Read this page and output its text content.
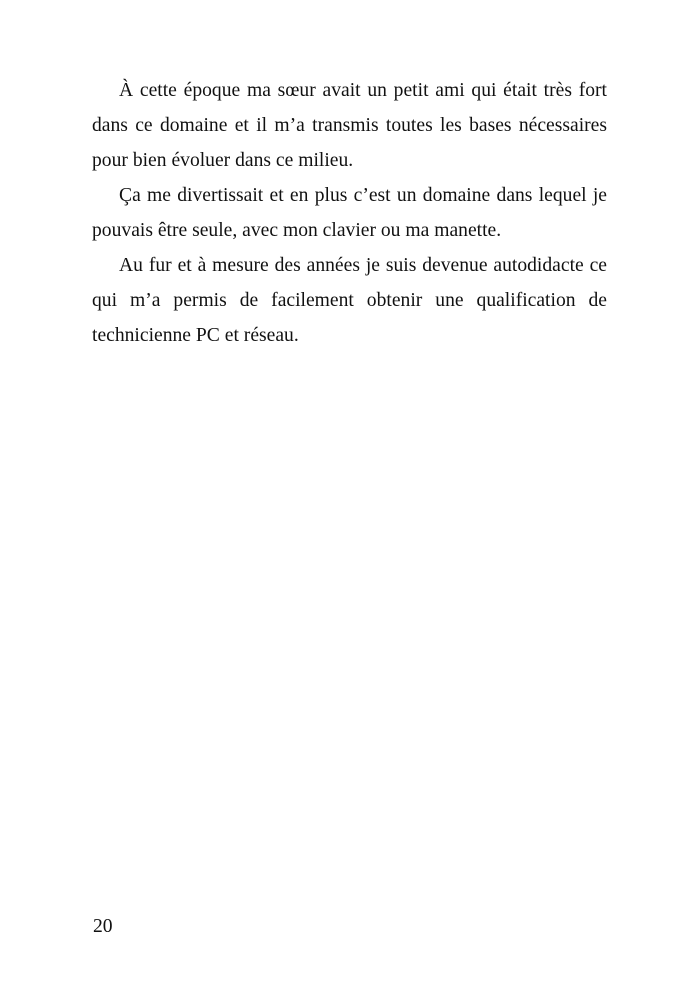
À cette époque ma sœur avait un petit ami qui était très fort dans ce domaine et il m’a transmis toutes les bases nécessaires pour bien évoluer dans ce milieu.

Ça me divertissait et en plus c’est un domaine dans lequel je pouvais être seule, avec mon clavier ou ma manette.

Au fur et à mesure des années je suis devenue autodidacte ce qui m’a permis de facilement obtenir une qualification de technicienne PC et réseau.

20
